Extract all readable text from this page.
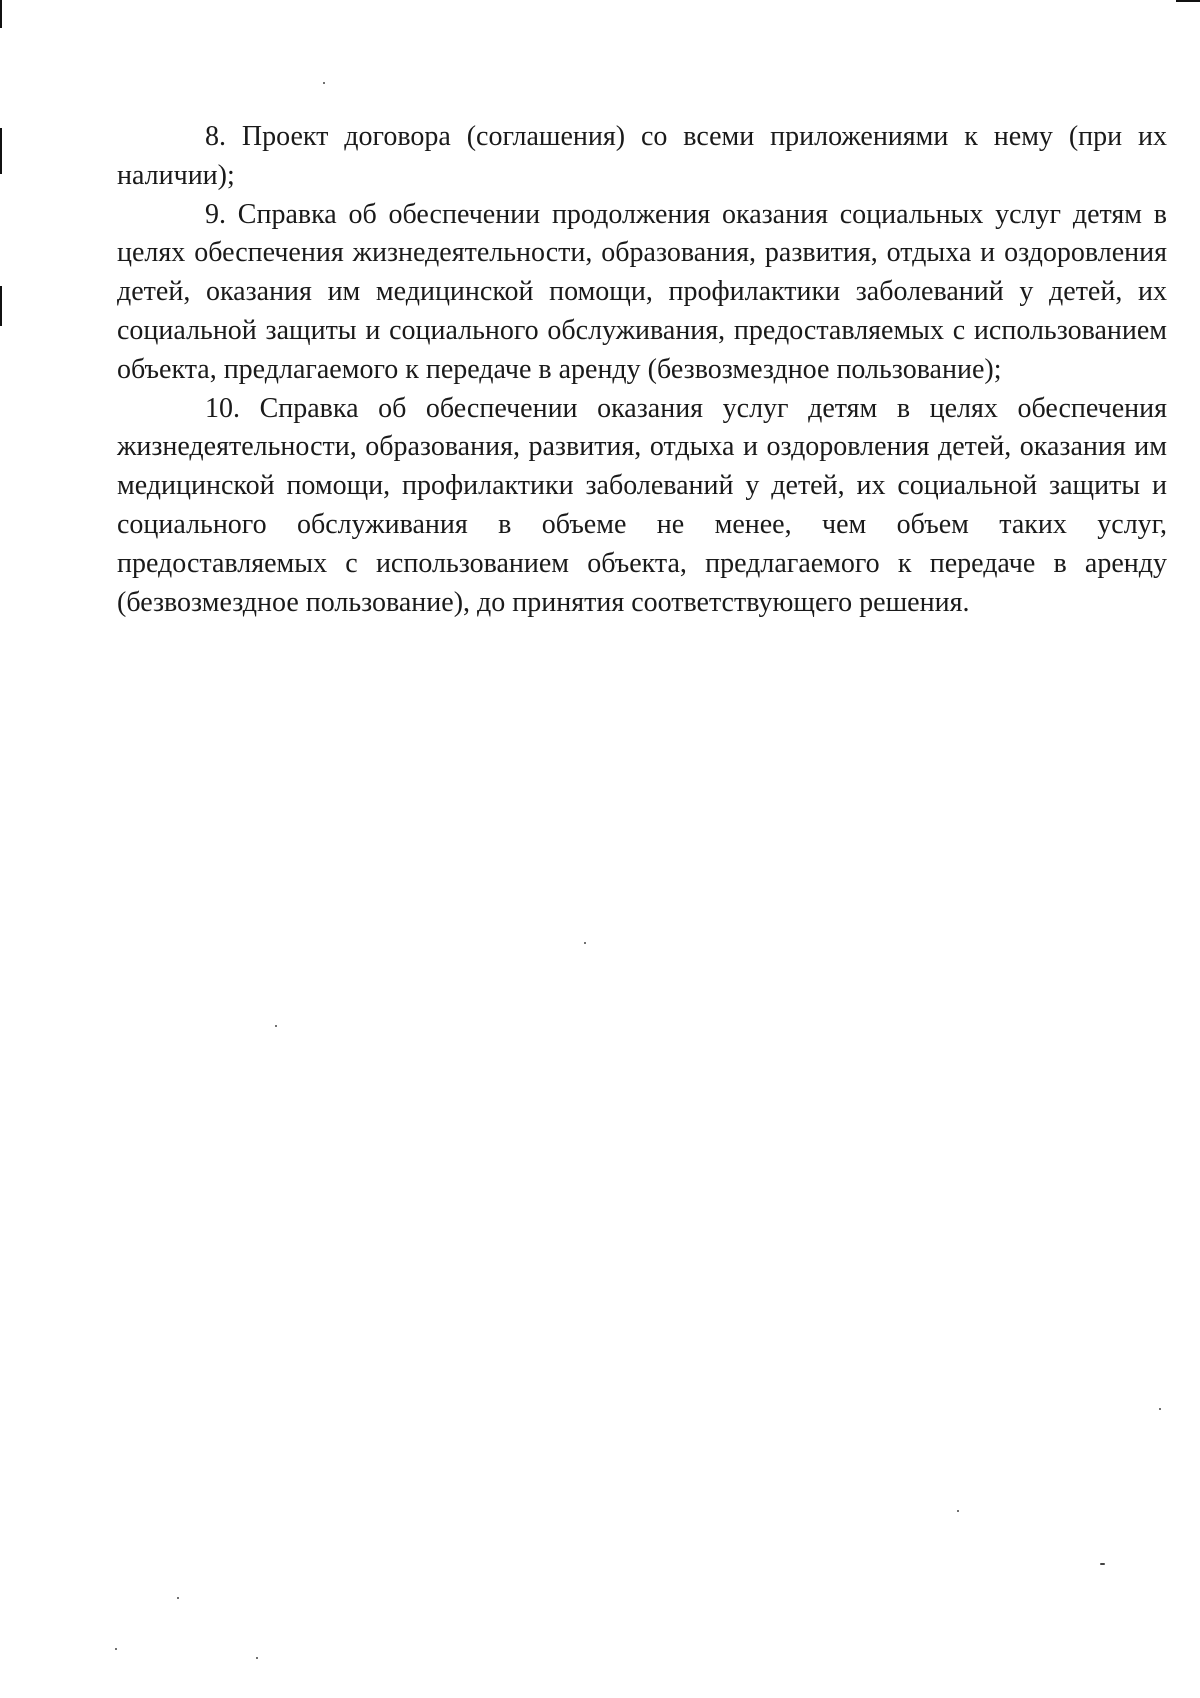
8. Проект договора (соглашения) со всеми приложениями к нему (при их наличии);

9. Справка об обеспечении продолжения оказания социальных услуг детям в целях обеспечения жизнедеятельности, образования, развития, отдыха и оздоровления детей, оказания им медицинской помощи, профилактики заболеваний у детей, их социальной защиты и социального обслуживания, предоставляемых с использованием объекта, предлагаемого к передаче в аренду (безвозмездное пользование);

10. Справка об обеспечении оказания услуг детям в целях обеспечения жизнедеятельности, образования, развития, отдыха и оздоровления детей, оказания им медицинской помощи, профилактики заболеваний у детей, их социальной защиты и социального обслуживания в объеме не менее, чем объем таких услуг, предоставляемых с использованием объекта, предлагаемого к передаче в аренду (безвозмездное пользование), до принятия соответствующего решения.
